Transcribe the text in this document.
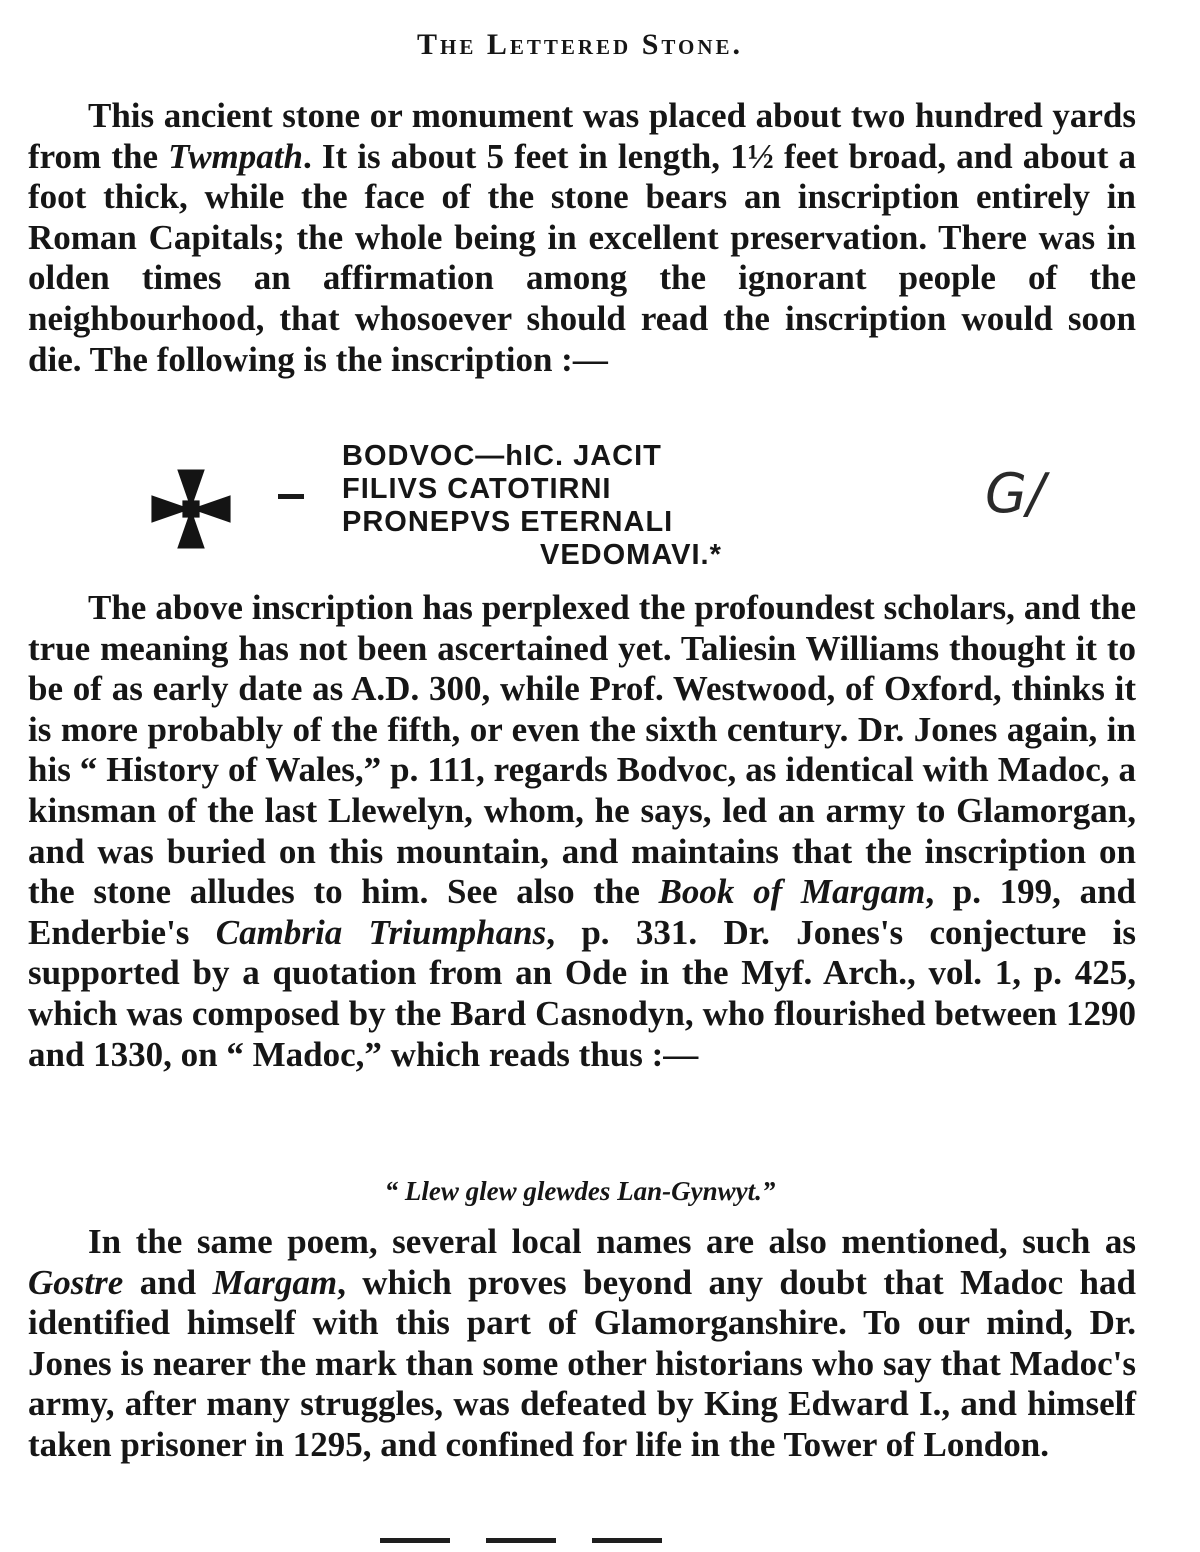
The Lettered Stone.

This ancient stone or monument was placed about two hundred yards from the Twmpath. It is about 5 feet in length, 1½ feet broad, and about a foot thick, while the face of the stone bears an inscription entirely in Roman Capitals; the whole being in excellent preservation. There was in olden times an affirmation among the ignorant people of the neighbourhood, that whosoever should read the inscription would soon die. The following is the inscription :—

BODVOC—hIC. JACIT
FILIVS CATOTIRNI
PRONEPVS ETERNALI
VEDOMAVI.*
G/

The above inscription has perplexed the profoundest scholars, and the true meaning has not been ascertained yet. Taliesin Williams thought it to be of as early date as A.D. 300, while Prof. Westwood, of Oxford, thinks it is more probably of the fifth, or even the sixth century. Dr. Jones again, in his “ History of Wales,” p. 111, regards Bodvoc, as identical with Madoc, a kinsman of the last Llewelyn, whom, he says, led an army to Glamorgan, and was buried on this mountain, and maintains that the inscription on the stone alludes to him. See also the Book of Margam, p. 199, and Enderbie's Cambria Triumphans, p. 331. Dr. Jones's conjecture is supported by a quotation from an Ode in the Myf. Arch., vol. 1, p. 425, which was composed by the Bard Casnodyn, who flourished between 1290 and 1330, on “ Madoc,” which reads thus :—

“ Llew glew glewdes Lan-Gynwyt.”

In the same poem, several local names are also mentioned, such as Gostre and Margam, which proves beyond any doubt that Madoc had identified himself with this part of Glamorganshire. To our mind, Dr. Jones is nearer the mark than some other historians who say that Madoc's army, after many struggles, was defeated by King Edward I., and himself taken prisoner in 1295, and confined for life in the Tower of London.
